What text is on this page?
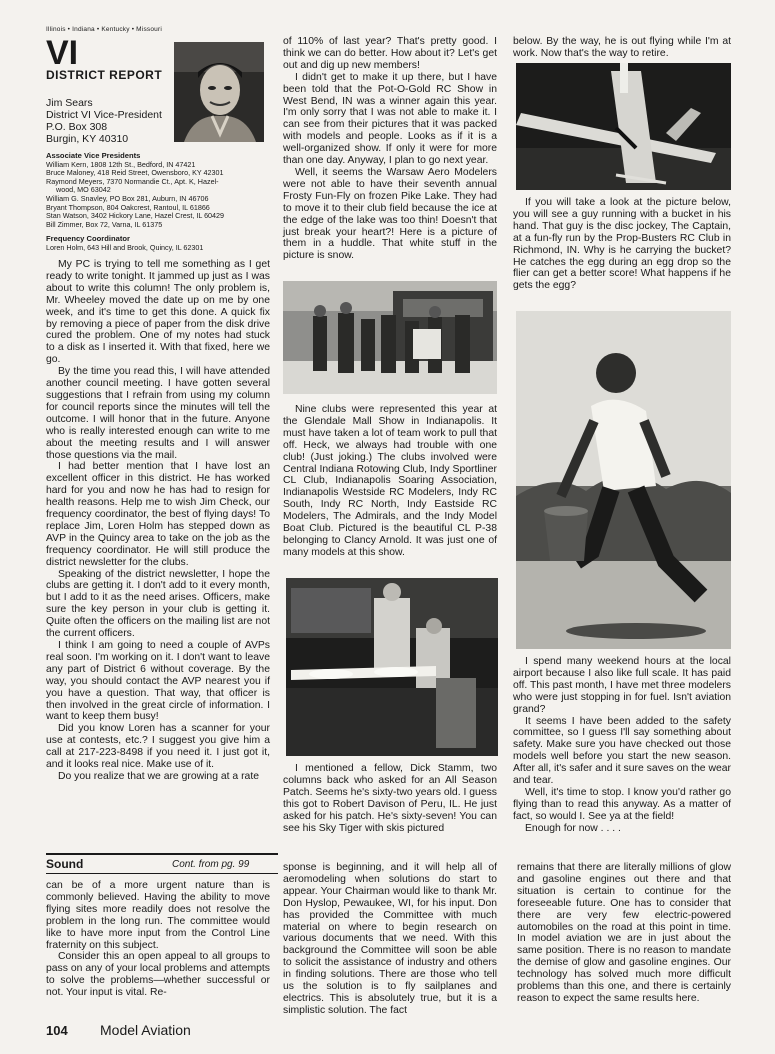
Illinois • Indiana • Kentucky • Missouri
VI
DISTRICT REPORT
Jim Sears
District VI Vice-President
P.O. Box 308
Burgin, KY 40310
Associate Vice Presidents
William Kern, 1808 12th St., Bedford, IN 47421
Bruce Maloney, 418 Reid Street, Owensboro, KY 42301
Raymond Meyers, 7370 Normandie Ct., Apt. K, Hazel-
wood, MO 63042
William G. Snavley, PO Box 281, Auburn, IN 46706
Bryant Thompson, 804 Oakcrest, Rantoul, IL 61866
Stan Watson, 3402 Hickory Lane, Hazel Crest, IL 60429
Bill Zimmer, Box 72, Varna, IL 61375
Frequency Coordinator
Loren Holm, 643 Hill and Brook, Quincy, IL 62301

My PC is trying to tell me something as I get ready to write tonight. It jammed up just as I was about to write this column! The only problem is, Mr. Wheeley moved the date up on me by one week, and it's time to get this done. A quick fix by removing a piece of paper from the disk drive cured the problem. One of my notes had stuck to a disk as I inserted it. With that fixed, here we go.

By the time you read this, I will have attended another council meeting. I have gotten several suggestions that I refrain from using my column for council reports since the minutes will tell the outcome. I will honor that in the future. Anyone who is really interested enough can write to me about the meeting results and I will answer those questions via the mail.

I had better mention that I have lost an excellent officer in this district. He has worked hard for you and now he has had to resign for health reasons. Help me to wish Jim Check, our frequency coordinator, the best of flying days! To replace Jim, Loren Holm has stepped down as AVP in the Quincy area to take on the job as the frequency coordinator. He will still produce the district newsletter for the clubs.

Speaking of the district newsletter, I hope the clubs are getting it. I don't add to it every month, but I add to it as the need arises. Officers, make sure the key person in your club is getting it. Quite often the officers on the mailing list are not the current officers.

I think I am going to need a couple of AVPs real soon. I'm working on it. I don't want to leave any part of District 6 without coverage. By the way, you should contact the AVP nearest you if you have a question. That way, that officer is then involved in the great circle of information. I want to keep them busy!

Did you know Loren has a scanner for your use at contests, etc.? I suggest you give him a call at 217-223-8498 if you need it. I just got it, and it looks real nice. Make use of it.

Do you realize that we are growing at a rate

of 110% of last year? That's pretty good. I think we can do better. How about it? Let's get out and dig up new members!

I didn't get to make it up there, but I have been told that the Pot-O-Gold RC Show in West Bend, IN was a winner again this year. I'm only sorry that I was not able to make it. I can see from their pictures that it was packed with models and people. Looks as if it is a well-organized show. If only it were for more than one day. Anyway, I plan to go next year.

Well, it seems the Warsaw Aero Modelers were not able to have their seventh annual Frosty Fun-Fly on frozen Pike Lake. They had to move it to their club field because the ice at the edge of the lake was too thin! Doesn't that just break your heart?! Here is a picture of them in a huddle. That white stuff in the picture is snow.

Nine clubs were represented this year at the Glendale Mall Show in Indianapolis. It must have taken a lot of team work to pull that off. Heck, we always had trouble with one club! (Just joking.) The clubs involved were Central Indiana Rotowing Club, Indy Sportliner CL Club, Indianapolis Soaring Association, Indianapolis Westside RC Modelers, Indy RC South, Indy RC North, Indy Eastside RC Modelers, The Admirals, and the Indy Model Boat Club. Pictured is the beautiful CL P-38 belonging to Clancy Arnold. It was just one of many models at this show.

I mentioned a fellow, Dick Stamm, two columns back who asked for an All Season Patch. Seems he's sixty-two years old. I guess this got to Robert Davison of Peru, IL. He just asked for his patch. He's sixty-seven! You can see his Sky Tiger with skis pictured

below. By the way, he is out flying while I'm at work. Now that's the way to retire.

If you will take a look at the picture below, you will see a guy running with a bucket in his hand. That guy is the disc jockey, The Captain, at a fun-fly run by the Prop-Busters RC Club in Richmond, IN. Why is he carrying the bucket? He catches the egg during an egg drop so the flier can get a better score! What happens if he gets the egg?

I spend many weekend hours at the local airport because I also like full scale. It has paid off. This past month, I have met three modelers who were just stopping in for fuel. Isn't aviation grand?

It seems I have been added to the safety committee, so I guess I'll say something about safety. Make sure you have checked out those models well before you start the new season. After all, it's safer and it sure saves on the wear and tear.

Well, it's time to stop. I know you'd rather go flying than to read this anyway. As a matter of fact, so would I. See ya at the field!

Enough for now . . . .

Sound	Cont. from pg. 99

can be of a more urgent nature than is commonly believed. Having the ability to move flying sites more readily does not resolve the problem in the long run. The committee would like to have more input from the Control Line fraternity on this subject.

Consider this an open appeal to all groups to pass on any of your local problems and attempts to solve the problems—whether successful or not. Your input is vital. Re-

sponse is beginning, and it will help all of aeromodeling when solutions do start to appear. Your Chairman would like to thank Mr. Don Hyslop, Pewaukee, WI, for his input. Don has provided the Committee with much material on where to begin research on various documents that we need. With this background the Committee will soon be able to solicit the assistance of industry and others in finding solutions. There are those who tell us the solution is to fly sailplanes and electrics. This is absolutely true, but it is a simplistic solution. The fact

remains that there are literally millions of glow and gasoline engines out there and that situation is certain to continue for the foreseeable future. One has to consider that there are very few electric-powered automobiles on the road at this point in time. In model aviation we are in just about the same position. There is no reason to mandate the demise of glow and gasoline engines. Our technology has solved much more difficult problems than this one, and there is certainly reason to expect the same results here.

104 Model Aviation
